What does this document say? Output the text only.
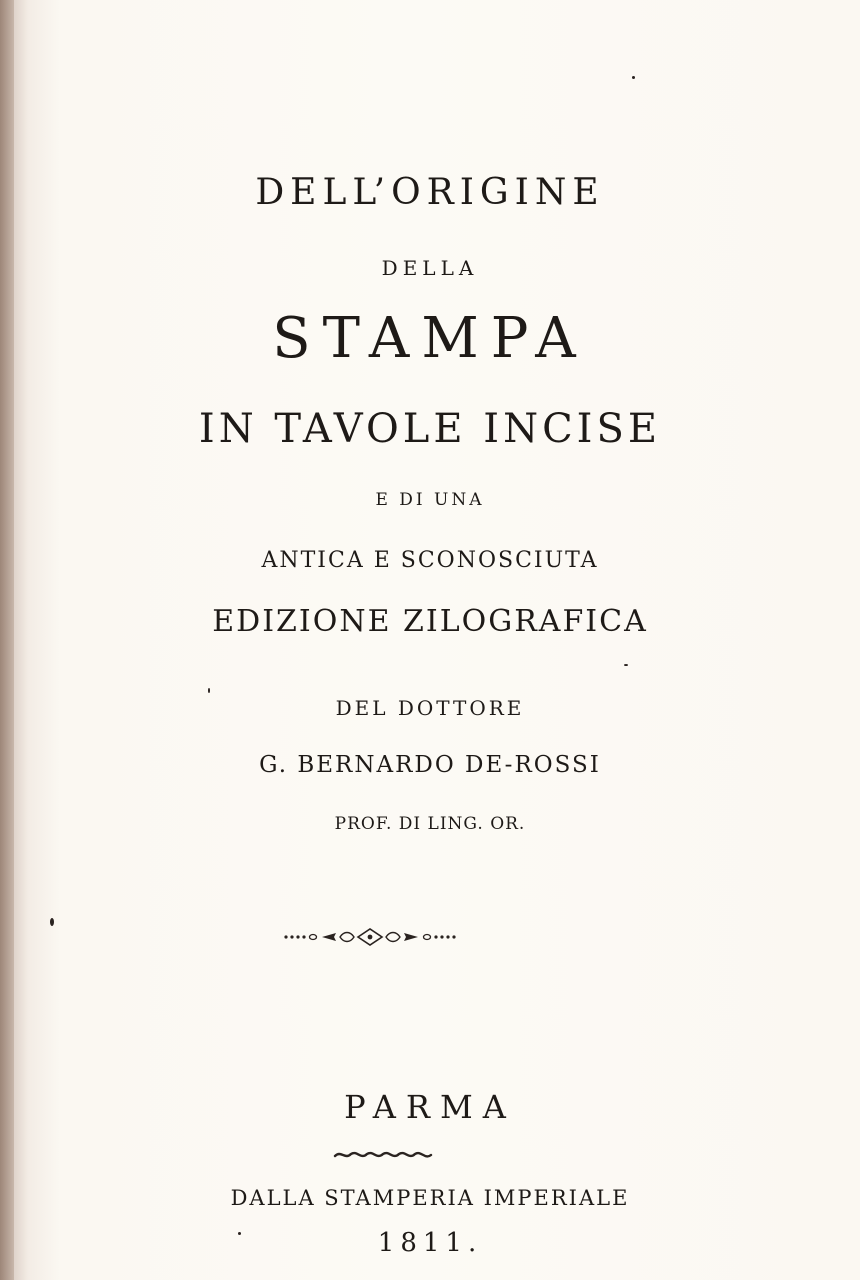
DELL’ORIGINE
DELLA
STAMPA
IN TAVOLE INCISE
E DI UNA
ANTICA E SCONOSCIUTA
EDIZIONE ZILOGRAFICA
DEL DOTTORE
G. BERNARDO DE-ROSSI
PROF. DI LING. OR.
PARMA
DALLA STAMPERIA IMPERIALE
1811.
